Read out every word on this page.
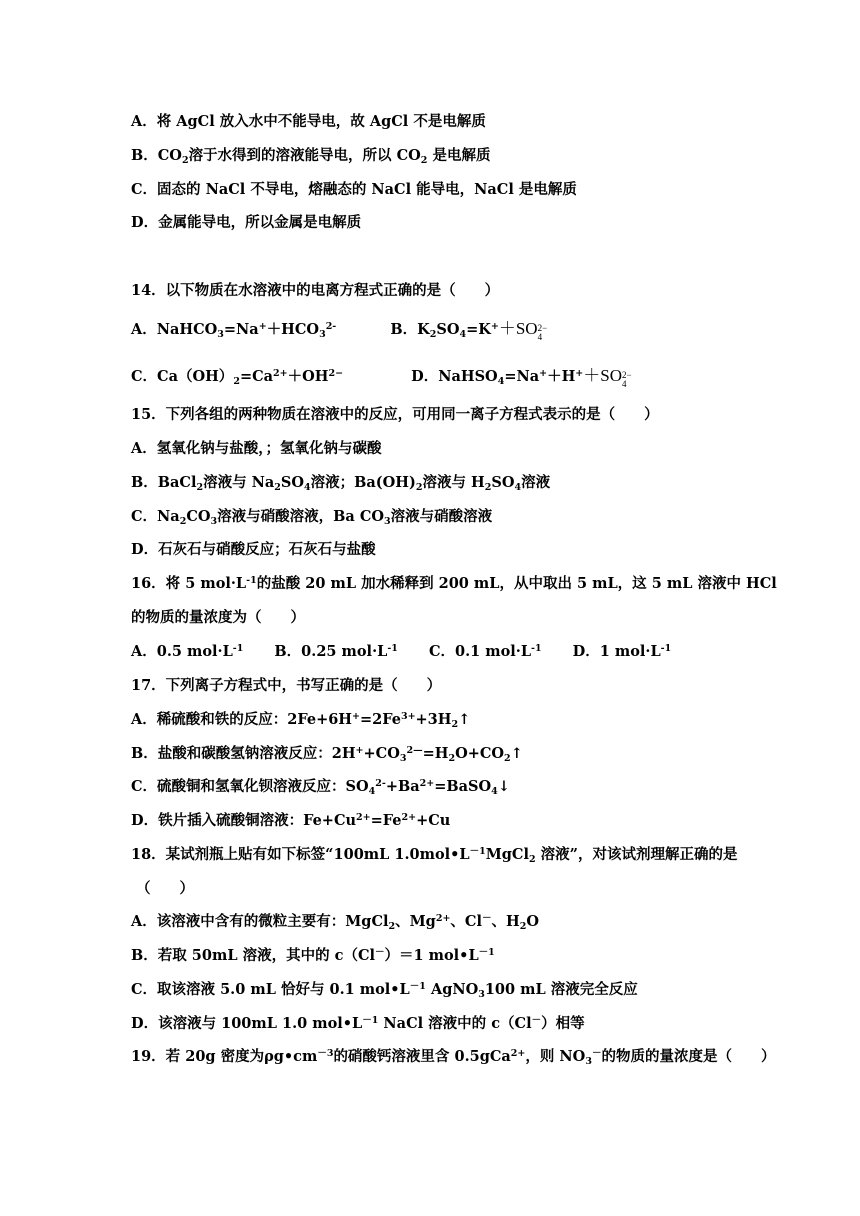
A．将 AgCl 放入水中不能导电，故 AgCl 不是电解质
B．$CO_2$溶于水得到的溶液能导电，所以 $CO_2$ 是电解质
C．固态的 NaCl 不导电，熔融态的 NaCl 能导电，NaCl 是电解质
D．金属能导电，所以金属是电解质
14．以下物质在水溶液中的电离方程式正确的是（　　）
A．$NaHCO_3=Na^++HCO_3^{2-}$	B．$K_2SO_4=K^++SO$ 2−
4
C．$Ca(OH)_2=Ca^{2+}+OH^{2-}$	D．NaHSO$_4$=Na+＋H+＋SO 2−
4
15．下列各组的两种物质在溶液中的反应，可用同一离子方程式表示的是（　　）
A．氢氧化钠与盐酸，；氢氧化钠与碳酸
B．BaCl$_2$溶液与 $Na_2SO_4$溶液；$Ba(OH)_2$溶液与 $H_2SO_4$溶液
C．$Na_2CO_3$溶液与硝酸溶液，Ba $CO_3$溶液与硝酸溶液
D．石灰石与硝酸反应；石灰石与盐酸
16．将 5 $mol\cdot L^{-1}$的盐酸 20 mL 加水稀释到 200 mL，从中取出 5 mL，这 5 mL 溶液中 HCl
的物质的量浓度为（　　）
A．0.5 $mol\cdot L^{-1}$ B．0.25 $mol\cdot L^{-1}$ C．0.1 $mol\cdot L^{-1}$ D．1 $mol\cdot L^{-1}$
17．下列离子方程式中，书写正确的是（　　）
A．稀硫酸和铁的反应：$2Fe+6H^+=2Fe^{3+}+3H_2↑$
B．盐酸和碳酸氢钠溶液反应：$2H^++CO_3^{2—}=H_2O+CO_2↑$
C．硫酸铜和氢氧化钡溶液反应：$SO_4^{2-}+Ba^{2+}=BaSO_4↓$
D．铁片插入硫酸铜溶液：$Fe+Cu^{2+}=Fe^{2+}+Cu$
18．某试剂瓶上贴有如下标签“100mL $1.0mol•L^{-1}MgCl_2$ 溶液”，对该试剂理解正确的是
（　　）
A．该溶液中含有的微粒主要有：MgCl$_2$、$Mg^{2+}$、Cl－、$H_2O$
B．若取 50mL 溶液，其中的 c（Cl－）＝1 $mol•L^{-1}$
C．取该溶液 5.0 mL 恰好与 0.1 $mol•L^{-1}$ AgNO$_3$100 mL 溶液完全反应
D．该溶液与 100mL 1.0 $mol•L^{-1}$ NaCl 溶液中的 c（Cl－）相等
19．若 20g 密度为$\rho g•cm^{-3}$的硝酸钙溶液里含 0.5gCa$^{2+}$，则 $NO_3^-$的物质的量浓度是（　　）
